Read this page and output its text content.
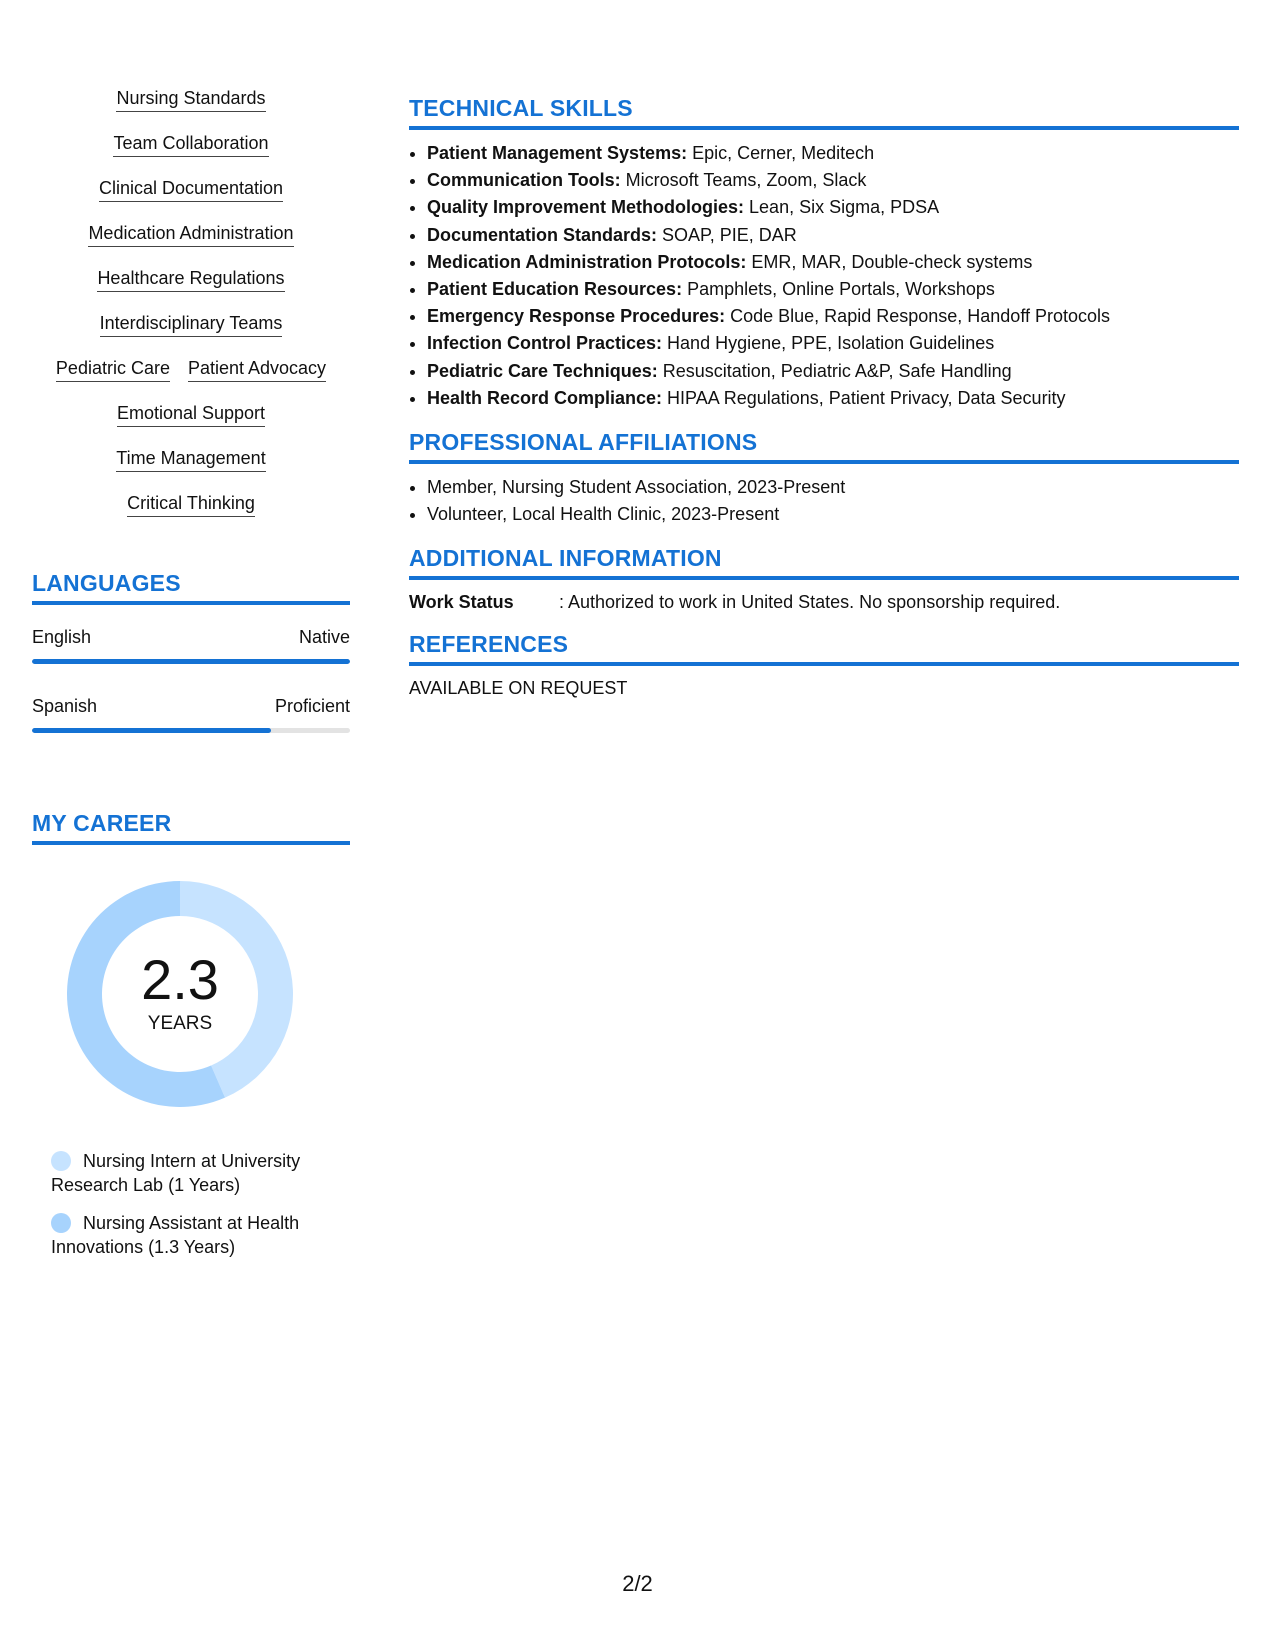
Nursing Standards
Team Collaboration
Clinical Documentation
Medication Administration
Healthcare Regulations
Interdisciplinary Teams
Pediatric Care Patient Advocacy
Emotional Support
Time Management
Critical Thinking
LANGUAGES
English	Native
Spanish	Proficient
MY CAREER
2.3
YEARS
Nursing Intern at University Research Lab (1 Years)
Nursing Assistant at Health Innovations (1.3 Years)
TECHNICAL SKILLS
• Patient Management Systems: Epic, Cerner, Meditech
• Communication Tools: Microsoft Teams, Zoom, Slack
• Quality Improvement Methodologies: Lean, Six Sigma, PDSA
• Documentation Standards: SOAP, PIE, DAR
• Medication Administration Protocols: EMR, MAR, Double-check systems
• Patient Education Resources: Pamphlets, Online Portals, Workshops
• Emergency Response Procedures: Code Blue, Rapid Response, Handoff Protocols
• Infection Control Practices: Hand Hygiene, PPE, Isolation Guidelines
• Pediatric Care Techniques: Resuscitation, Pediatric A&P, Safe Handling
• Health Record Compliance: HIPAA Regulations, Patient Privacy, Data Security
PROFESSIONAL AFFILIATIONS
• Member, Nursing Student Association, 2023-Present
• Volunteer, Local Health Clinic, 2023-Present
ADDITIONAL INFORMATION
Work Status	: Authorized to work in United States. No sponsorship required.
REFERENCES
AVAILABLE ON REQUEST
2/2
